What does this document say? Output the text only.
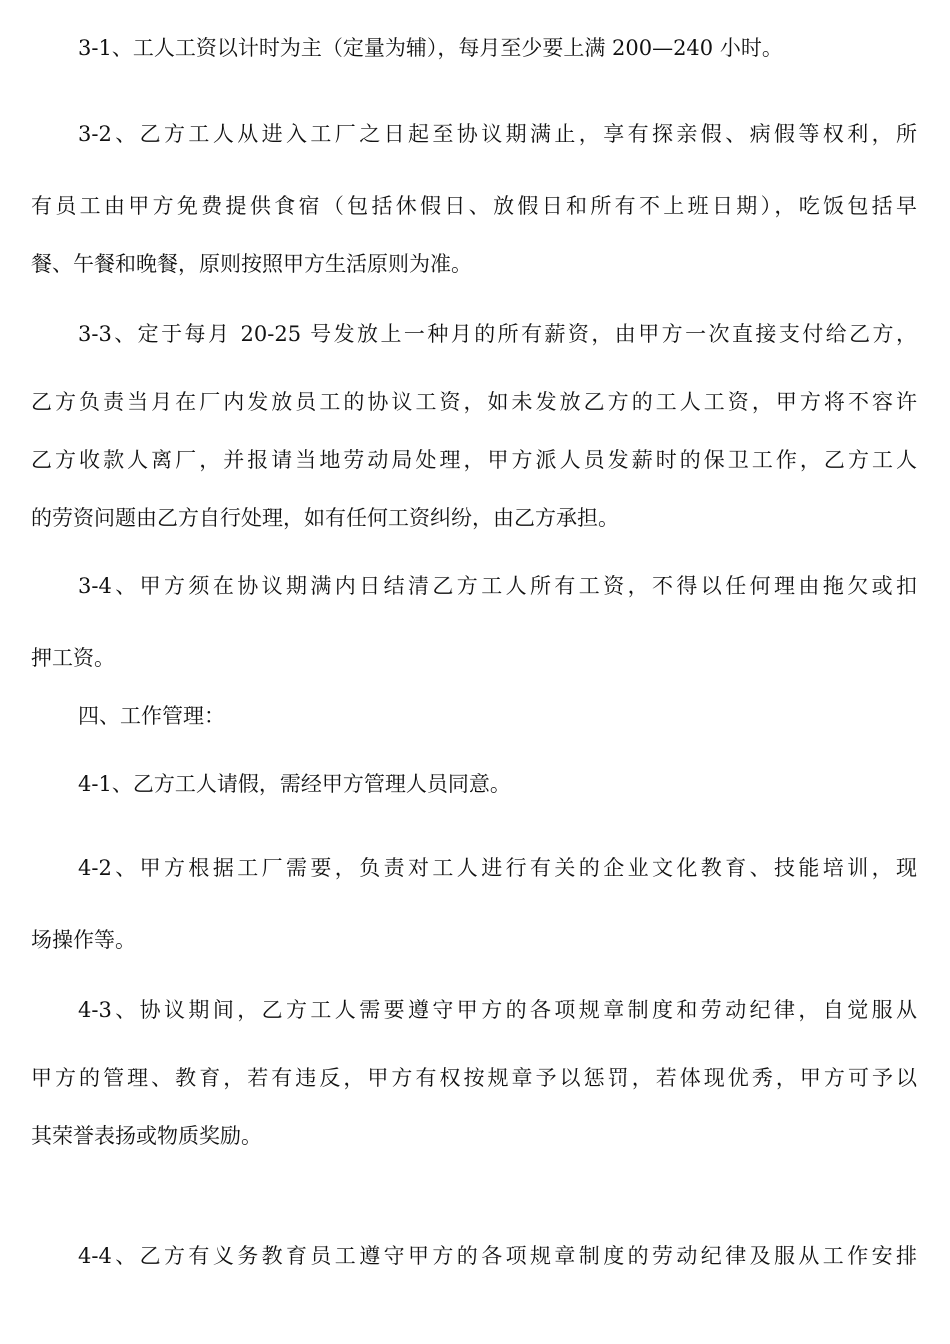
3-1、工人工资以计时为主（定量为辅），每月至少要上满 200—240 小时。
3-2、乙方工人从进入工厂之日起至协议期满止，享有探亲假、病假等权利，所
有员工由甲方免费提供食宿（包括休假日、放假日和所有不上班日期），吃饭包括早
餐、午餐和晚餐，原则按照甲方生活原则为准。
3-3、定于每月 20-25 号发放上一种月的所有薪资，由甲方一次直接支付给乙方，
乙方负责当月在厂内发放员工的协议工资，如未发放乙方的工人工资，甲方将不容许
乙方收款人离厂，并报请当地劳动局处理，甲方派人员发薪时的保卫工作，乙方工人
的劳资问题由乙方自行处理，如有任何工资纠纷，由乙方承担。
3-4、甲方须在协议期满内日结清乙方工人所有工资，不得以任何理由拖欠或扣
押工资。
四、工作管理：
4-1、乙方工人请假，需经甲方管理人员同意。
4-2、甲方根据工厂需要，负责对工人进行有关的企业文化教育、技能培训，现
场操作等。
4-3、协议期间，乙方工人需要遵守甲方的各项规章制度和劳动纪律，自觉服从
甲方的管理、教育，若有违反，甲方有权按规章予以惩罚，若体现优秀，甲方可予以
其荣誉表扬或物质奖励。
4-4、乙方有义务教育员工遵守甲方的各项规章制度的劳动纪律及服从工作安排
